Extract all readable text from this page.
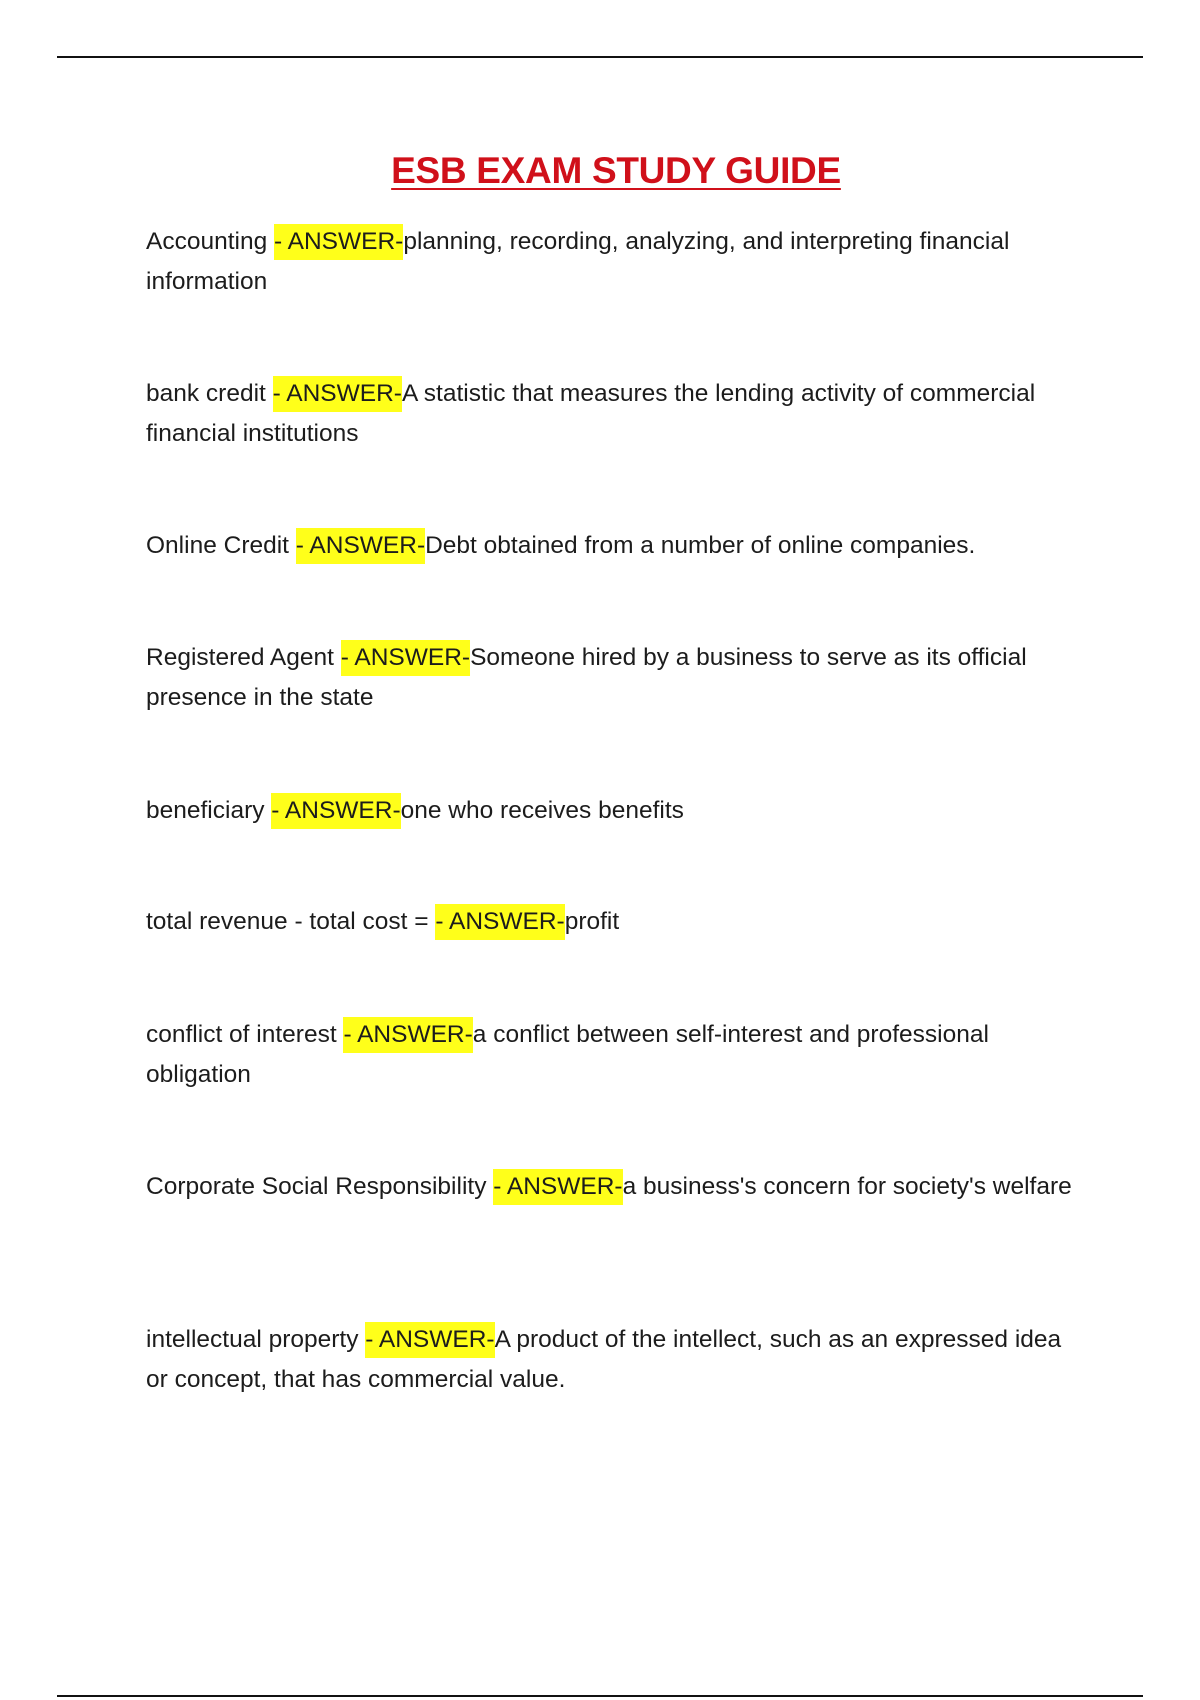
ESB EXAM STUDY GUIDE

Accounting - ANSWER-planning, recording, analyzing, and interpreting financial information

bank credit - ANSWER-A statistic that measures the lending activity of commercial financial institutions

Online Credit - ANSWER-Debt obtained from a number of online companies.

Registered Agent - ANSWER-Someone hired by a business to serve as its official presence in the state

beneficiary - ANSWER-one who receives benefits

total revenue - total cost = - ANSWER-profit

conflict of interest - ANSWER-a conflict between self-interest and professional obligation

Corporate Social Responsibility - ANSWER-a business's concern for society's welfare

intellectual property - ANSWER-A product of the intellect, such as an expressed idea or concept, that has commercial value.
